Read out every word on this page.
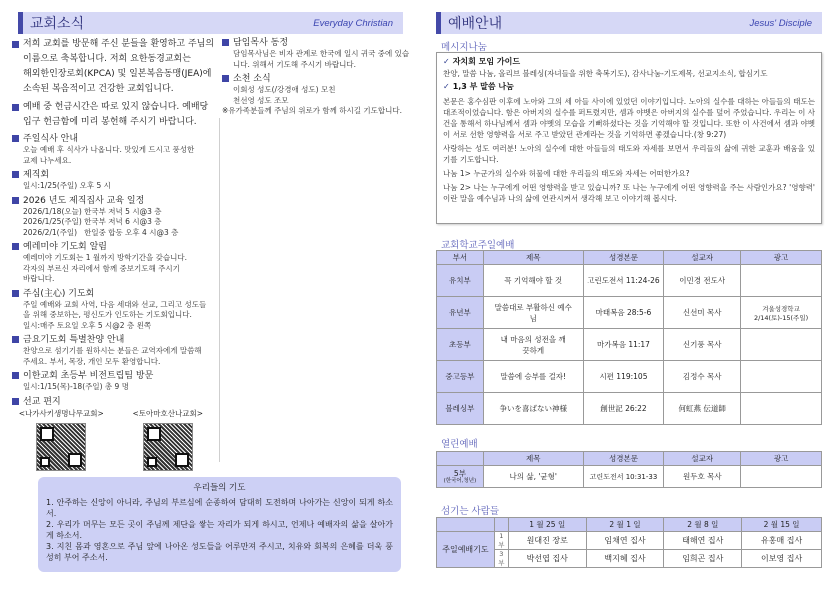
교회소식	Everyday Christian
저희 교회를 방문해 주신 분들을 환영하고 주님의
이름으로 축복합니다. 저희 요한동경교회는
해외한인장로회(KPCA) 및 일본복음동맹(JEA)에
소속된 복음적이고 건강한 교회입니다.
예배 중 헌금시간은 따로 있지 않습니다. 예배당
입구 헌금함에 미리 봉헌해 주시기 바랍니다.
주일식사 안내
오늘 예배 후 식사가 나옵니다. 맛있게 드시고 풍성한
교제 나누세요.
제직회
일시:1/25(주일) 오후 5 시
2026 년도 제직집사 교육 일정
2026/1/18(오늘) 한국부 저녁 5 시@3 층
2026/1/25(주일) 한국부 저녁 6 시@3 층
2026/2/1(주일)   한일중 합동 오후 4 시@3 층
예레미야 기도회 알림
예레미야 기도회는 1 월까지 방학기간을 갖습니다.
각자의 부르신 자리에서 함께 중보기도해 주시기
바랍니다.
주심(主心) 기도회
주일 예배와 교회 사역, 다음 세대와 선교, 그리고 성도들
을 위해 중보하는, 평신도가 인도하는 기도회입니다.
일시:매주 토요일 오후 5 시@2 층 왼쪽
금요기도회 특별찬양 안내
찬양으로 섬기기를 원하시는 분들은 교역자에게 말씀해
주세요. 부서, 목장, 개인 모두 환영합니다.
이한교회 초등부 비전트립팀 방문
일시:1/15(목)-18(주일) 총 9 명
선교 편지
<나가사키생명나무교회>	<토아마호산나교회>
담임목사 동정
담임목사님은 비자 관계로 한국에 일시 귀국 중에 있습
니다. 위해서 기도해 주시기 바랍니다.
소천 소식
이회성 성도(/강경애 성도) 모친
천선영 성도 조모
※유가족분들께 주님의 위로가 함께 하시길 기도합니다.
우리들의 기도
1. 안주하는 신앙이 아니라, 주님의 부르심에 순종하여 담대히 도전하며 나아가는 신앙이 되게 하소서.
2. 우리가 머무는 모든 곳이 주님께 제단을 쌓는 자리가 되게 하시고, 언제나 예배자의 삶을 살아가게 하소서.
3. 지친 몸과 영혼으로 주님 앞에 나아온 성도들을 어루만져 주시고, 치유와 회복의 은혜를 더욱 풍성히 부어 주소서.
예배안내	Jesus' Disciple
메시지나눔
✓ 자치회 모임 가이드
찬양, 말씀 나눔, 올리브 블레싱(자녀들을 위한 축복기도), 감사나눔-기도제목, 선교지소식, 합심기도
✓ 1,3 부 말씀 나눔
본문은 홍수심판 이후에 노아와 그의 세 아들 사이에 있었던 이야기입니다. 노아의 실수를 대하는 아들들의 태도는 대조적이었습니다. 함은 아버지의 실수를 퍼트렸지만, 셈과 야벳은 아버지의 실수를 덮어 주었습니다. 우리는 이 사건을 통해서 하나님께서 셈과 야벳의 모습을 기뻐하셨다는 것을 기억해야 할 것입니다. 또한 이 사건에서 셈과 야벳이 서로 선한 영향력을 서로 주고 받았던 관계라는 것을 기억하면 좋겠습니다.(창 9:27)
사랑하는 성도 여러분! 노아의 실수에 대한 아들들의 태도와 자세를 보면서 우리들의 삶에 귀한 교훈과 배움을 있기를 기도합니다.
나눔 1> 누군가의 실수와 허물에 대한 우리들의 태도와 자세는 어떠한가요?
나눔 2> 나는 누구에게 어떤 영향력을 받고 있습니까? 또 나는 누구에게 어떤 영향력을 주는 사람인가요? '영향력' 이란 말을 예수님과 나의 삶에 연관시켜서 생각해 보고 이야기해 봅시다.
교회학교주일예배
부서	제목	성경본문	설교자	광고
유치부	꼭 기억해야 할 것	고린도전서 11:24-26	이민경 전도사	
유년부	말씀대로 부활하신 예수님	마태복음 28:5-6	신선미 목사	겨울성경학교 2/14(토)-15(주일)
초등부	내 마음의 성전을 깨끗하게	마가복음 11:17	신기풍 목사	
중고등부	말씀에 승부를 걸자!	시편 119:105	김정수 목사	
블레싱부	争いを喜ばない神様	創世記 26:22	何虹燕 伝道師	
열린예배
	제목	성경본문	설교자	광고

5부
(한국어,청년)	나의 삶, '균형'	고린도전서 10:31-33	원두호 목사	
섬기는 사람들
		1 월 25 일	2 월 1 일	2 월 8 일	2 월 15 일
주일예배기도	1부	원대진 장로	임채연 집사	태해연 집사	유홍매 집사
	3부	박선엽 집사	백지혜 집사	임희곤 집사	이보영 집사
